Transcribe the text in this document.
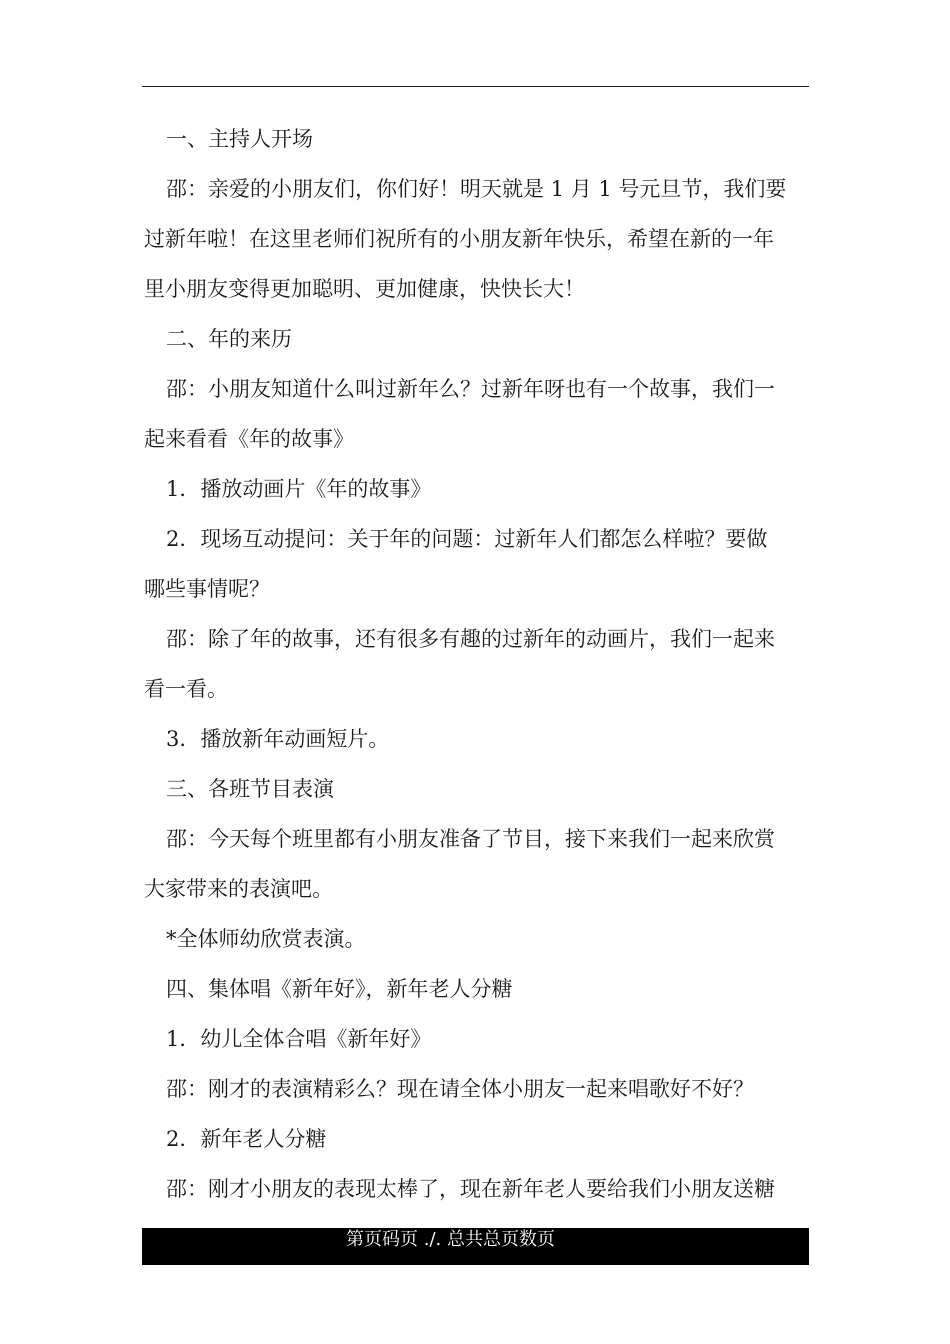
一、主持人开场
邵：亲爱的小朋友们，你们好！明天就是 1 月 1 号元旦节，我们要
过新年啦！在这里老师们祝所有的小朋友新年快乐，希望在新的一年
里小朋友变得更加聪明、更加健康，快快长大！
二、年的来历
邵：小朋友知道什么叫过新年么？过新年呀也有一个故事，我们一
起来看看《年的故事》
1．播放动画片《年的故事》
2．现场互动提问：关于年的问题：过新年人们都怎么样啦？要做
哪些事情呢？
邵：除了年的故事，还有很多有趣的过新年的动画片，我们一起来
看一看。
3．播放新年动画短片。
三、各班节目表演
邵：今天每个班里都有小朋友准备了节目，接下来我们一起来欣赏
大家带来的表演吧。
*全体师幼欣赏表演。
四、集体唱《新年好》，新年老人分糖
1．幼儿全体合唱《新年好》
邵：刚才的表演精彩么？现在请全体小朋友一起来唱歌好不好？
2．新年老人分糖
邵：刚才小朋友的表现太棒了，现在新年老人要给我们小朋友送糖
第页码页 ./. 总共总页数页
